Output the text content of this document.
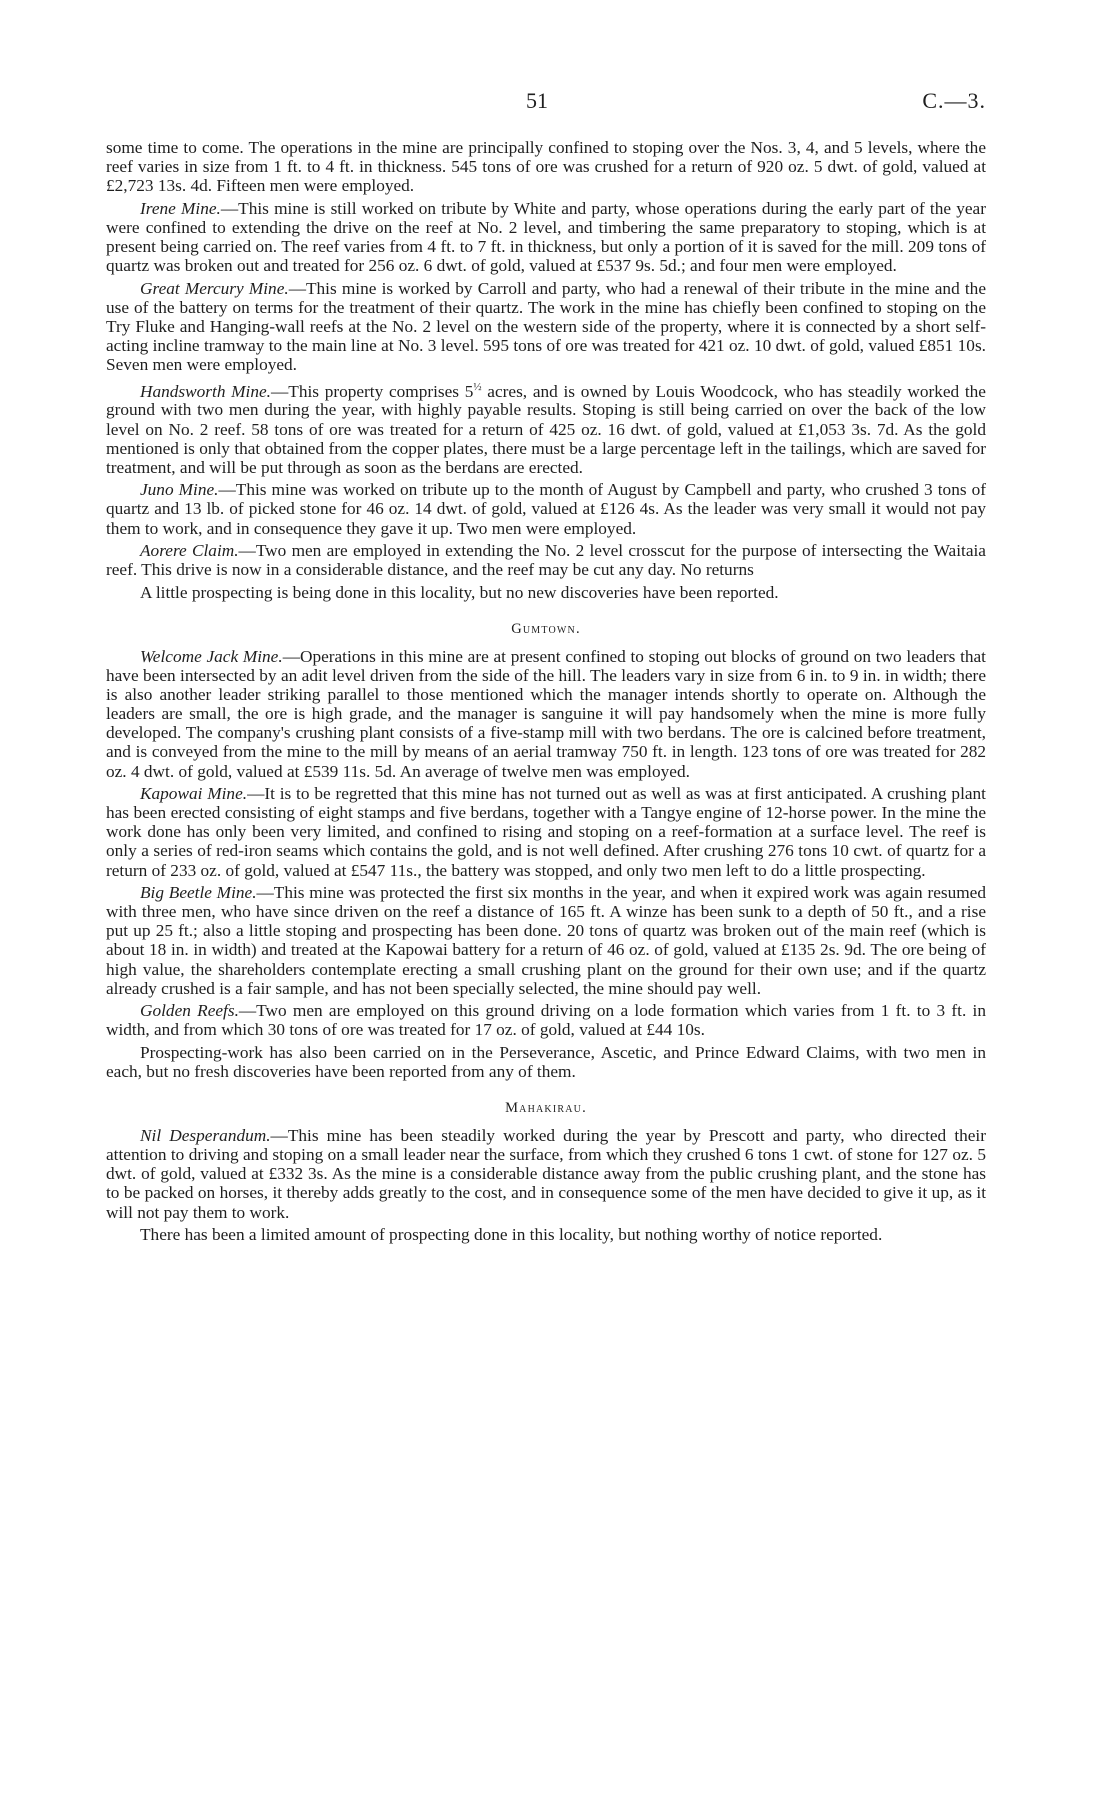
51	C.—3.

some time to come. The operations in the mine are principally confined to stoping over the Nos. 3, 4, and 5 levels, where the reef varies in size from 1 ft. to 4 ft. in thickness. 545 tons of ore was crushed for a return of 920 oz. 5 dwt. of gold, valued at £2,723 13s. 4d. Fifteen men were employed.

Irene Mine.—This mine is still worked on tribute by White and party, whose operations during the early part of the year were confined to extending the drive on the reef at No. 2 level, and timbering the same preparatory to stoping, which is at present being carried on. The reef varies from 4 ft. to 7 ft. in thickness, but only a portion of it is saved for the mill. 209 tons of quartz was broken out and treated for 256 oz. 6 dwt. of gold, valued at £537 9s. 5d.; and four men were employed.

Great Mercury Mine.—This mine is worked by Carroll and party, who had a renewal of their tribute in the mine and the use of the battery on terms for the treatment of their quartz. The work in the mine has chiefly been confined to stoping on the Try Fluke and Hanging-wall reefs at the No. 2 level on the western side of the property, where it is connected by a short self-acting incline tramway to the main line at No. 3 level. 595 tons of ore was treated for 421 oz. 10 dwt. of gold, valued £851 10s. Seven men were employed.

Handsworth Mine.—This property comprises $5^{\frac{1}{2}}$ acres, and is owned by Louis Woodcock, who has steadily worked the ground with two men during the year, with highly payable results. Stoping is still being carried on over the back of the low level on No. 2 reef. 58 tons of ore was treated for a return of 425 oz. 16 dwt. of gold, valued at £1,053 3s. 7d. As the gold mentioned is only that obtained from the copper plates, there must be a large percentage left in the tailings, which are saved for treatment, and will be put through as soon as the berdans are erected.

Juno Mine.—This mine was worked on tribute up to the month of August by Campbell and party, who crushed 3 tons of quartz and 13 lb. of picked stone for 46 oz. 14 dwt. of gold, valued at £126 4s. As the leader was very small it would not pay them to work, and in consequence they gave it up. Two men were employed.

Aorere Claim.—Two men are employed in extending the No. 2 level crosscut for the purpose of intersecting the Waitaia reef. This drive is now in a considerable distance, and the reef may be cut any day. No returns

A little prospecting is being done in this locality, but no new discoveries have been reported.

Gumtown.

Welcome Jack Mine.—Operations in this mine are at present confined to stoping out blocks of ground on two leaders that have been intersected by an adit level driven from the side of the hill. The leaders vary in size from 6 in. to 9 in. in width; there is also another leader striking parallel to those mentioned which the manager intends shortly to operate on. Although the leaders are small, the ore is high grade, and the manager is sanguine it will pay handsomely when the mine is more fully developed. The company's crushing plant consists of a five-stamp mill with two berdans. The ore is calcined before treatment, and is conveyed from the mine to the mill by means of an aerial tramway 750 ft. in length. 123 tons of ore was treated for 282 oz. 4 dwt. of gold, valued at £539 11s. 5d. An average of twelve men was employed.

Kapowai Mine.—It is to be regretted that this mine has not turned out as well as was at first anticipated. A crushing plant has been erected consisting of eight stamps and five berdans, together with a Tangye engine of 12-horse power. In the mine the work done has only been very limited, and confined to rising and stoping on a reef-formation at a surface level. The reef is only a series of red-iron seams which contains the gold, and is not well defined. After crushing 276 tons 10 cwt. of quartz for a return of 233 oz. of gold, valued at £547 11s., the battery was stopped, and only two men left to do a little prospecting.

Big Beetle Mine.—This mine was protected the first six months in the year, and when it expired work was again resumed with three men, who have since driven on the reef a distance of 165 ft. A winze has been sunk to a depth of 50 ft., and a rise put up 25 ft.; also a little stoping and prospecting has been done. 20 tons of quartz was broken out of the main reef (which is about 18 in. in width) and treated at the Kapowai battery for a return of 46 oz. of gold, valued at £135 2s. 9d. The ore being of high value, the shareholders contemplate erecting a small crushing plant on the ground for their own use; and if the quartz already crushed is a fair sample, and has not been specially selected, the mine should pay well.

Golden Reefs.—Two men are employed on this ground driving on a lode formation which varies from 1 ft. to 3 ft. in width, and from which 30 tons of ore was treated for 17 oz. of gold, valued at £44 10s.

Prospecting-work has also been carried on in the Perseverance, Ascetic, and Prince Edward Claims, with two men in each, but no fresh discoveries have been reported from any of them.

Mahakirau.

Nil Desperandum.—This mine has been steadily worked during the year by Prescott and party, who directed their attention to driving and stoping on a small leader near the surface, from which they crushed 6 tons 1 cwt. of stone for 127 oz. 5 dwt. of gold, valued at £332 3s. As the mine is a considerable distance away from the public crushing plant, and the stone has to be packed on horses, it thereby adds greatly to the cost, and in consequence some of the men have decided to give it up, as it will not pay them to work.

There has been a limited amount of prospecting done in this locality, but nothing worthy of notice reported.
